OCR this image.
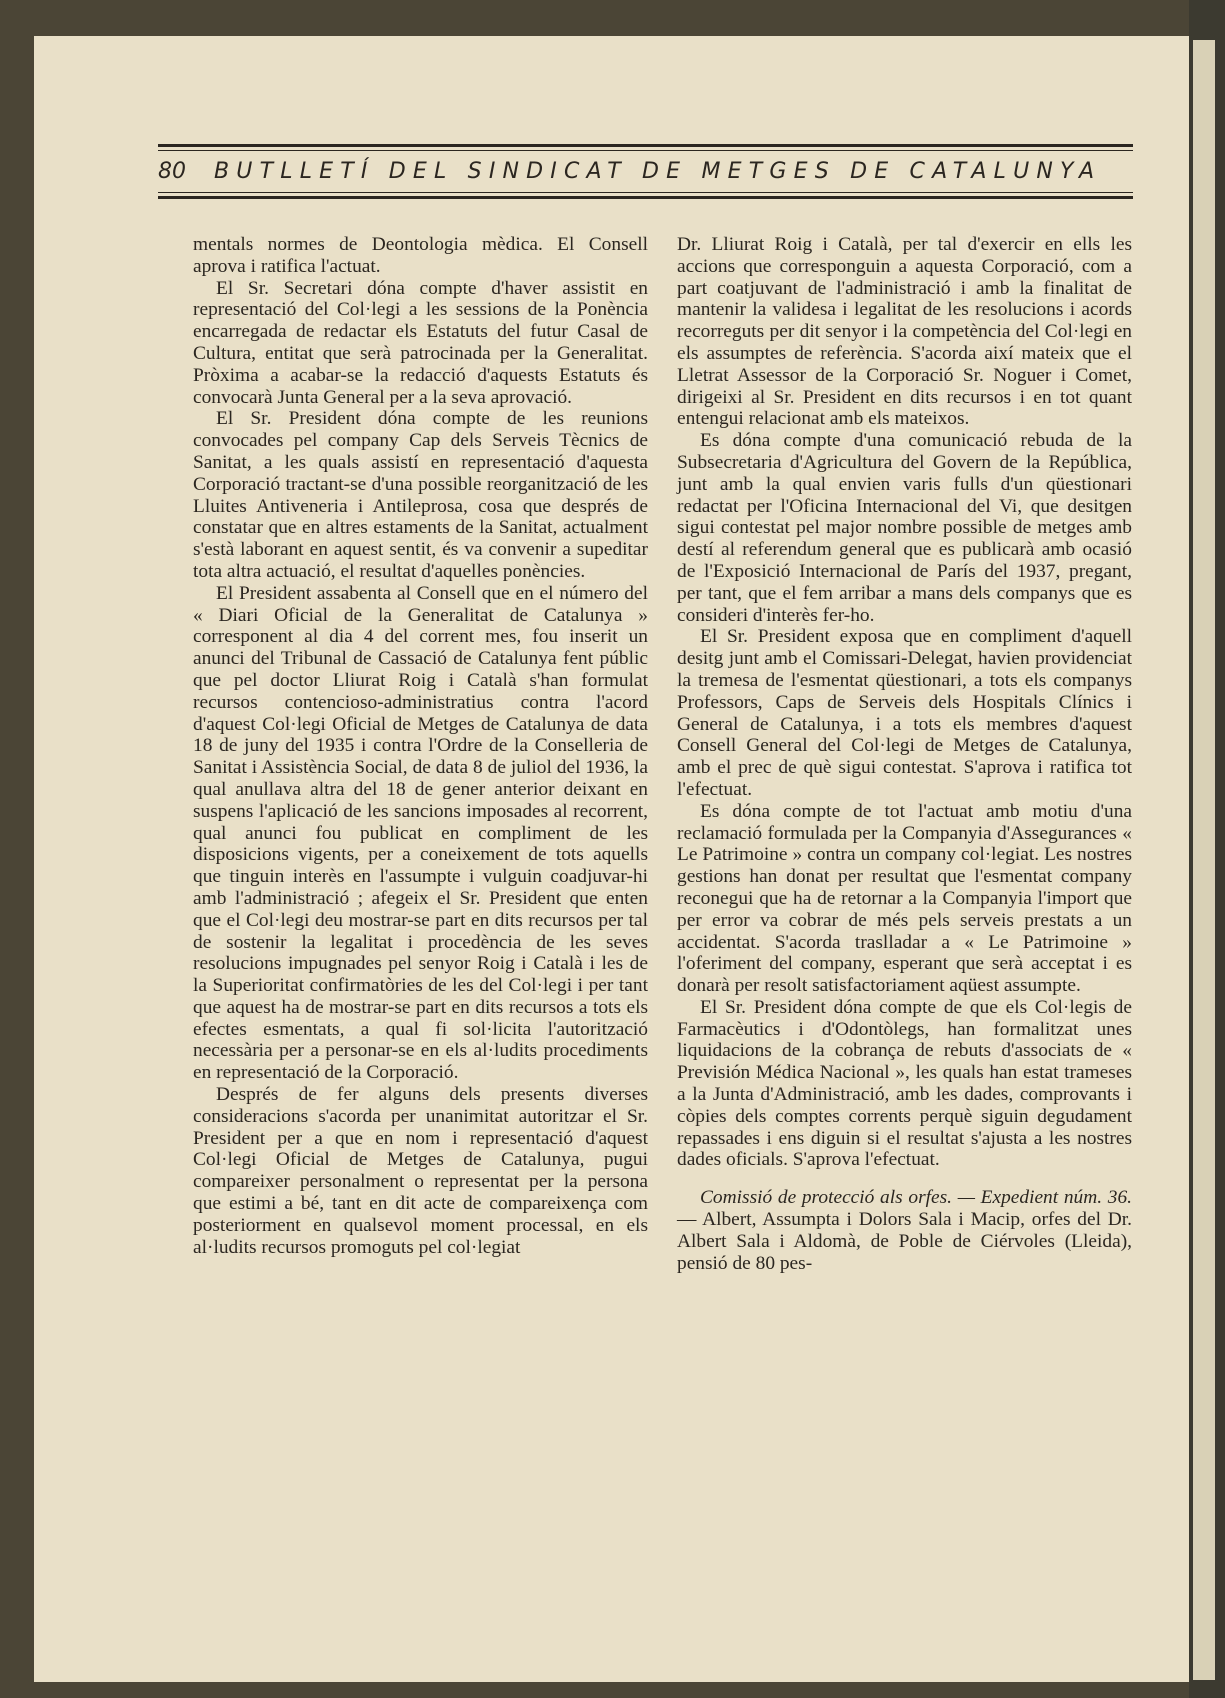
80 BUTLLETÍ DEL SINDICAT DE METGES DE CATALUNYA

mentals normes de Deontologia mèdica. El Consell aprova i ratifica l'actuat.

El Sr. Secretari dóna compte d'haver assistit en representació del Col·legi a les sessions de la Ponència encarregada de redactar els Estatuts del futur Casal de Cultura, entitat que serà patrocinada per la Generalitat. Pròxima a acabar-se la redacció d'aquests Estatuts és convocarà Junta General per a la seva aprovació.

El Sr. President dóna compte de les reunions convocades pel company Cap dels Serveis Tècnics de Sanitat, a les quals assistí en representació d'aquesta Corporació tractant-se d'una possible reorganització de les Lluites Antiveneria i Antileprosa, cosa que després de constatar que en altres estaments de la Sanitat, actualment s'està laborant en aquest sentit, és va convenir a supeditar tota altra actuació, el resultat d'aquelles ponències.

El President assabenta al Consell que en el número del « Diari Oficial de la Generalitat de Catalunya » corresponent al dia 4 del corrent mes, fou inserit un anunci del Tribunal de Cassació de Catalunya fent públic que pel doctor Lliurat Roig i Català s'han formulat recursos contencioso-administratius contra l'acord d'aquest Col·legi Oficial de Metges de Catalunya de data 18 de juny del 1935 i contra l'Ordre de la Conselleria de Sanitat i Assistència Social, de data 8 de juliol del 1936, la qual anullava altra del 18 de gener anterior deixant en suspens l'aplicació de les sancions imposades al recorrent, qual anunci fou publicat en compliment de les disposicions vigents, per a coneixement de tots aquells que tinguin interès en l'assumpte i vulguin coadjuvar-hi amb l'administració ; afegeix el Sr. President que enten que el Col·legi deu mostrar-se part en dits recursos per tal de sostenir la legalitat i procedència de les seves resolucions impugnades pel senyor Roig i Català i les de la Superioritat confirmatòries de les del Col·legi i per tant que aquest ha de mostrar-se part en dits recursos a tots els efectes esmentats, a qual fi sol·licita l'autorització necessària per a personar-se en els al·ludits procediments en representació de la Corporació.

Després de fer alguns dels presents diverses consideracions s'acorda per unanimitat autoritzar el Sr. President per a que en nom i representació d'aquest Col·legi Oficial de Metges de Catalunya, pugui compareixer personalment o representat per la persona que estimi a bé, tant en dit acte de compareixença com posteriorment en qualsevol moment processal, en els al·ludits recursos promoguts pel col·legiat

Dr. Lliurat Roig i Català, per tal d'exercir en ells les accions que corresponguin a aquesta Corporació, com a part coatjuvant de l'administració i amb la finalitat de mantenir la validesa i legalitat de les resolucions i acords recorreguts per dit senyor i la competència del Col·legi en els assumptes de referència. S'acorda així mateix que el Lletrat Assessor de la Corporació Sr. Noguer i Comet, dirigeixi al Sr. President en dits recursos i en tot quant entengui relacionat amb els mateixos.

Es dóna compte d'una comunicació rebuda de la Subsecretaria d'Agricultura del Govern de la República, junt amb la qual envien varis fulls d'un qüestionari redactat per l'Oficina Internacional del Vi, que desitgen sigui contestat pel major nombre possible de metges amb destí al referendum general que es publicarà amb ocasió de l'Exposició Internacional de París del 1937, pregant, per tant, que el fem arribar a mans dels companys que es consideri d'interès fer-ho.

El Sr. President exposa que en compliment d'aquell desitg junt amb el Comissari-Delegat, havien providenciat la tremesa de l'esmentat qüestionari, a tots els companys Professors, Caps de Serveis dels Hospitals Clínics i General de Catalunya, i a tots els membres d'aquest Consell General del Col·legi de Metges de Catalunya, amb el prec de què sigui contestat. S'aprova i ratifica tot l'efectuat.

Es dóna compte de tot l'actuat amb motiu d'una reclamació formulada per la Companyia d'Assegurances « Le Patrimoine » contra un company col·legiat. Les nostres gestions han donat per resultat que l'esmentat company reconegui que ha de retornar a la Companyia l'import que per error va cobrar de més pels serveis prestats a un accidentat. S'acorda traslladar a « Le Patrimoine » l'oferiment del company, esperant que serà acceptat i es donarà per resolt satisfactoriament aqüest assumpte.

El Sr. President dóna compte de que els Col·legis de Farmacèutics i d'Odontòlegs, han formalitzat unes liquidacions de la cobrança de rebuts d'associats de « Previsión Médica Nacional », les quals han estat trameses a la Junta d'Administració, amb les dades, comprovants i còpies dels comptes corrents perquè siguin degudament repassades i ens diguin si el resultat s'ajusta a les nostres dades oficials. S'aprova l'efectuat.

Comissió de protecció als orfes. — Expedient núm. 36. — Albert, Assumpta i Dolors Sala i Macip, orfes del Dr. Albert Sala i Aldomà, de Poble de Ciérvoles (Lleida), pensió de 80 pes-
